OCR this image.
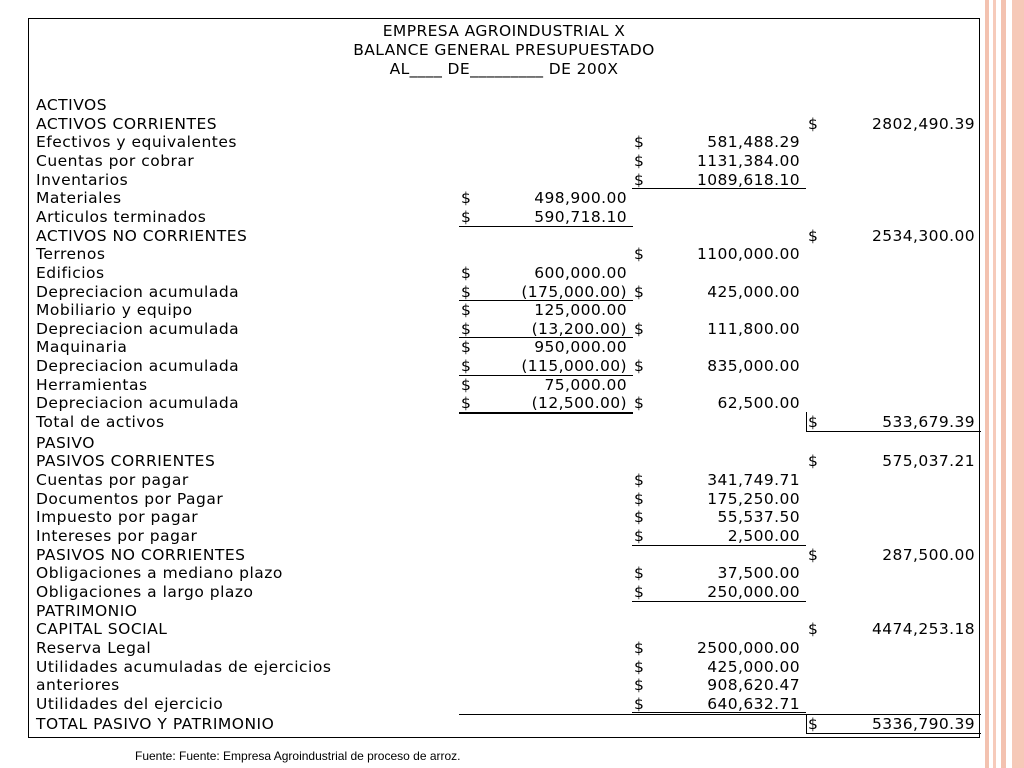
EMPRESA AGROINDUSTRIAL X
BALANCE GENERAL PRESUPUESTADO
AL____ DE_________ DE 200X
ACTIVOS
ACTIVOS CORRIENTES	$	2802,490.39
Efectivos y equivalentes	$	581,488.29
Cuentas por cobrar	$	1131,384.00
Inventarios	$	1089,618.10
Materiales	$	498,900.00
Articulos terminados	$	590,718.10
ACTIVOS NO CORRIENTES	$	2534,300.00
Terrenos	$	1100,000.00
Edificios	$	600,000.00
Depreciacion acumulada	$	(175,000.00) $	425,000.00
Mobiliario y equipo	$	125,000.00
Depreciacion acumulada	$	(13,200.00) $	111,800.00
Maquinaria	$	950,000.00
Depreciacion acumulada	$	(115,000.00) $	835,000.00
Herramientas	$	75,000.00
Depreciacion acumulada	$	(12,500.00) $	62,500.00
Total de activos	$	533,679.39
PASIVO
PASIVOS CORRIENTES	$	575,037.21
Cuentas por pagar	$	341,749.71
Documentos por Pagar	$	175,250.00
Impuesto por pagar	$	55,537.50
Intereses por pagar	$	2,500.00
PASIVOS NO CORRIENTES	$	287,500.00
Obligaciones a mediano plazo	$	37,500.00
Obligaciones a largo plazo	$	250,000.00
PATRIMONIO
CAPITAL SOCIAL	$	4474,253.18
Reserva Legal	$	2500,000.00
Utilidades acumuladas de ejercicios	$	425,000.00
anteriores	$	908,620.47
Utilidades del ejercicio	$	640,632.71
TOTAL PASIVO Y PATRIMONIO	$	5336,790.39
Fuente: Fuente: Empresa Agroindustrial de proceso de arroz.
